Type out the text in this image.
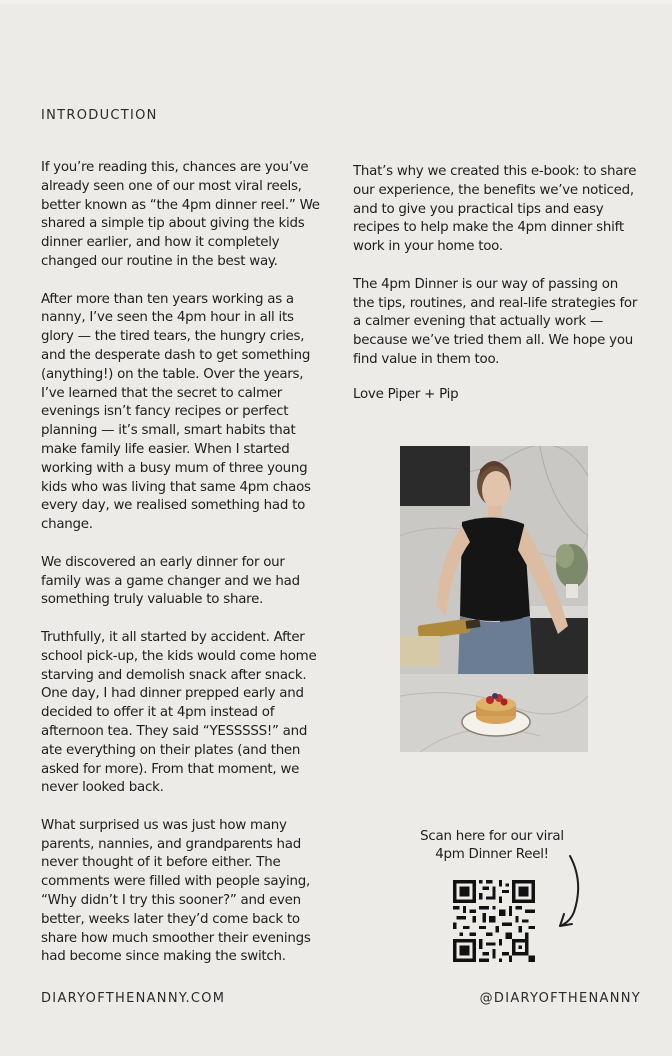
INTRODUCTION

If you’re reading this, chances are you’ve already seen one of our most viral reels, better known as “the 4pm dinner reel.” We shared a simple tip about giving the kids dinner earlier, and how it completely changed our routine in the best way.

After more than ten years working as a nanny, I’ve seen the 4pm hour in all its glory — the tired tears, the hungry cries, and the desperate dash to get something (anything!) on the table. Over the years, I’ve learned that the secret to calmer evenings isn’t fancy recipes or perfect planning — it’s small, smart habits that make family life easier. When I started working with a busy mum of three young kids who was living that same 4pm chaos every day, we realised something had to change.

We discovered an early dinner for our family was a game changer and we had something truly valuable to share.

Truthfully, it all started by accident. After school pick-up, the kids would come home starving and demolish snack after snack. One day, I had dinner prepped early and decided to offer it at 4pm instead of afternoon tea. They said “YESSSSS!” and ate everything on their plates (and then asked for more). From that moment, we never looked back.

What surprised us was just how many parents, nannies, and grandparents had never thought of it before either. The comments were filled with people saying, “Why didn’t I try this sooner?” and even better, weeks later they’d come back to share how much smoother their evenings had become since making the switch.

That’s why we created this e-book: to share our experience, the benefits we’ve noticed, and to give you practical tips and easy recipes to help make the 4pm dinner shift work in your home too.

The 4pm Dinner is our way of passing on the tips, routines, and real-life strategies for a calmer evening that actually work — because we’ve tried them all. We hope you find value in them too.

Love Piper + Pip
Scan here for our viral
4pm Dinner Reel!
DIARYOFTHENANNY.COM	@DIARYOFTHENANNY
